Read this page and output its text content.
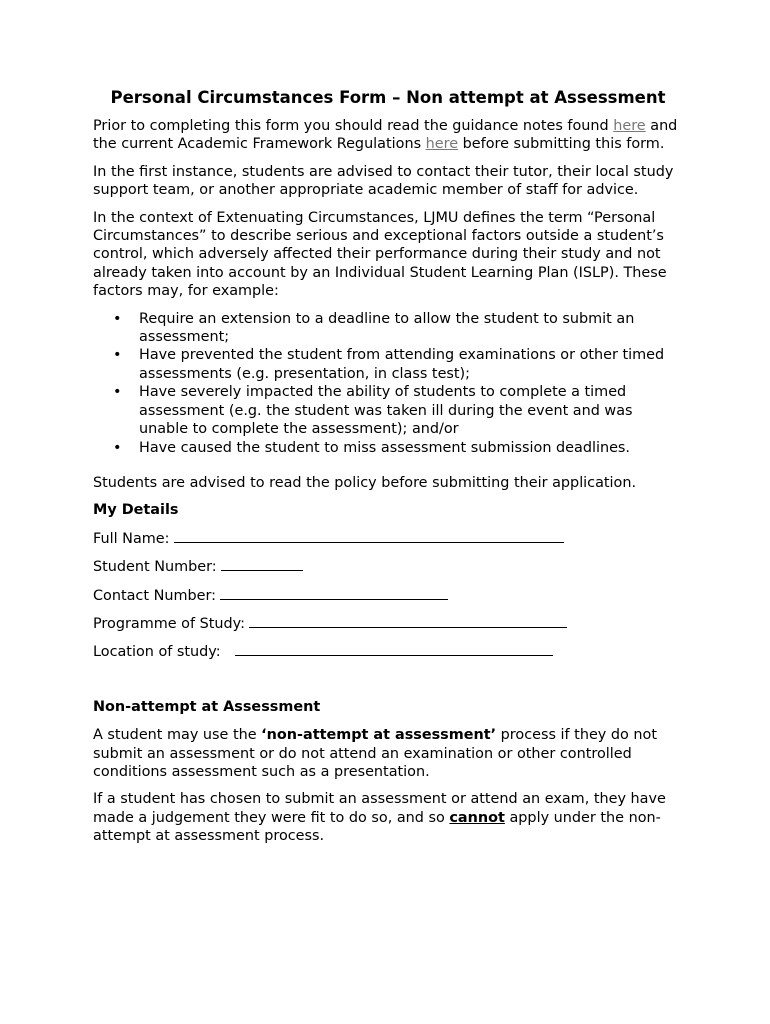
Personal Circumstances Form – Non attempt at Assessment

Prior to completing this form you should read the guidance notes found here and the current Academic Framework Regulations here before submitting this form.

In the first instance, students are advised to contact their tutor, their local study support team, or another appropriate academic member of staff for advice.

In the context of Extenuating Circumstances, LJMU defines the term “Personal Circumstances” to describe serious and exceptional factors outside a student’s control, which adversely affected their performance during their study and not already taken into account by an Individual Student Learning Plan (ISLP). These factors may, for example:

• Require an extension to a deadline to allow the student to submit an assessment;
• Have prevented the student from attending examinations or other timed assessments (e.g. presentation, in class test);
• Have severely impacted the ability of students to complete a timed assessment (e.g. the student was taken ill during the event and was unable to complete the assessment); and/or
• Have caused the student to miss assessment submission deadlines.

Students are advised to read the policy before submitting their application.

My Details
Full Name:
Student Number:
Contact Number:
Programme of Study:
Location of study:
Non-attempt at Assessment

A student may use the ‘non-attempt at assessment’ process if they do not submit an assessment or do not attend an examination or other controlled conditions assessment such as a presentation.

If a student has chosen to submit an assessment or attend an exam, they have made a judgement they were fit to do so, and so cannot apply under the non-attempt at assessment process.
